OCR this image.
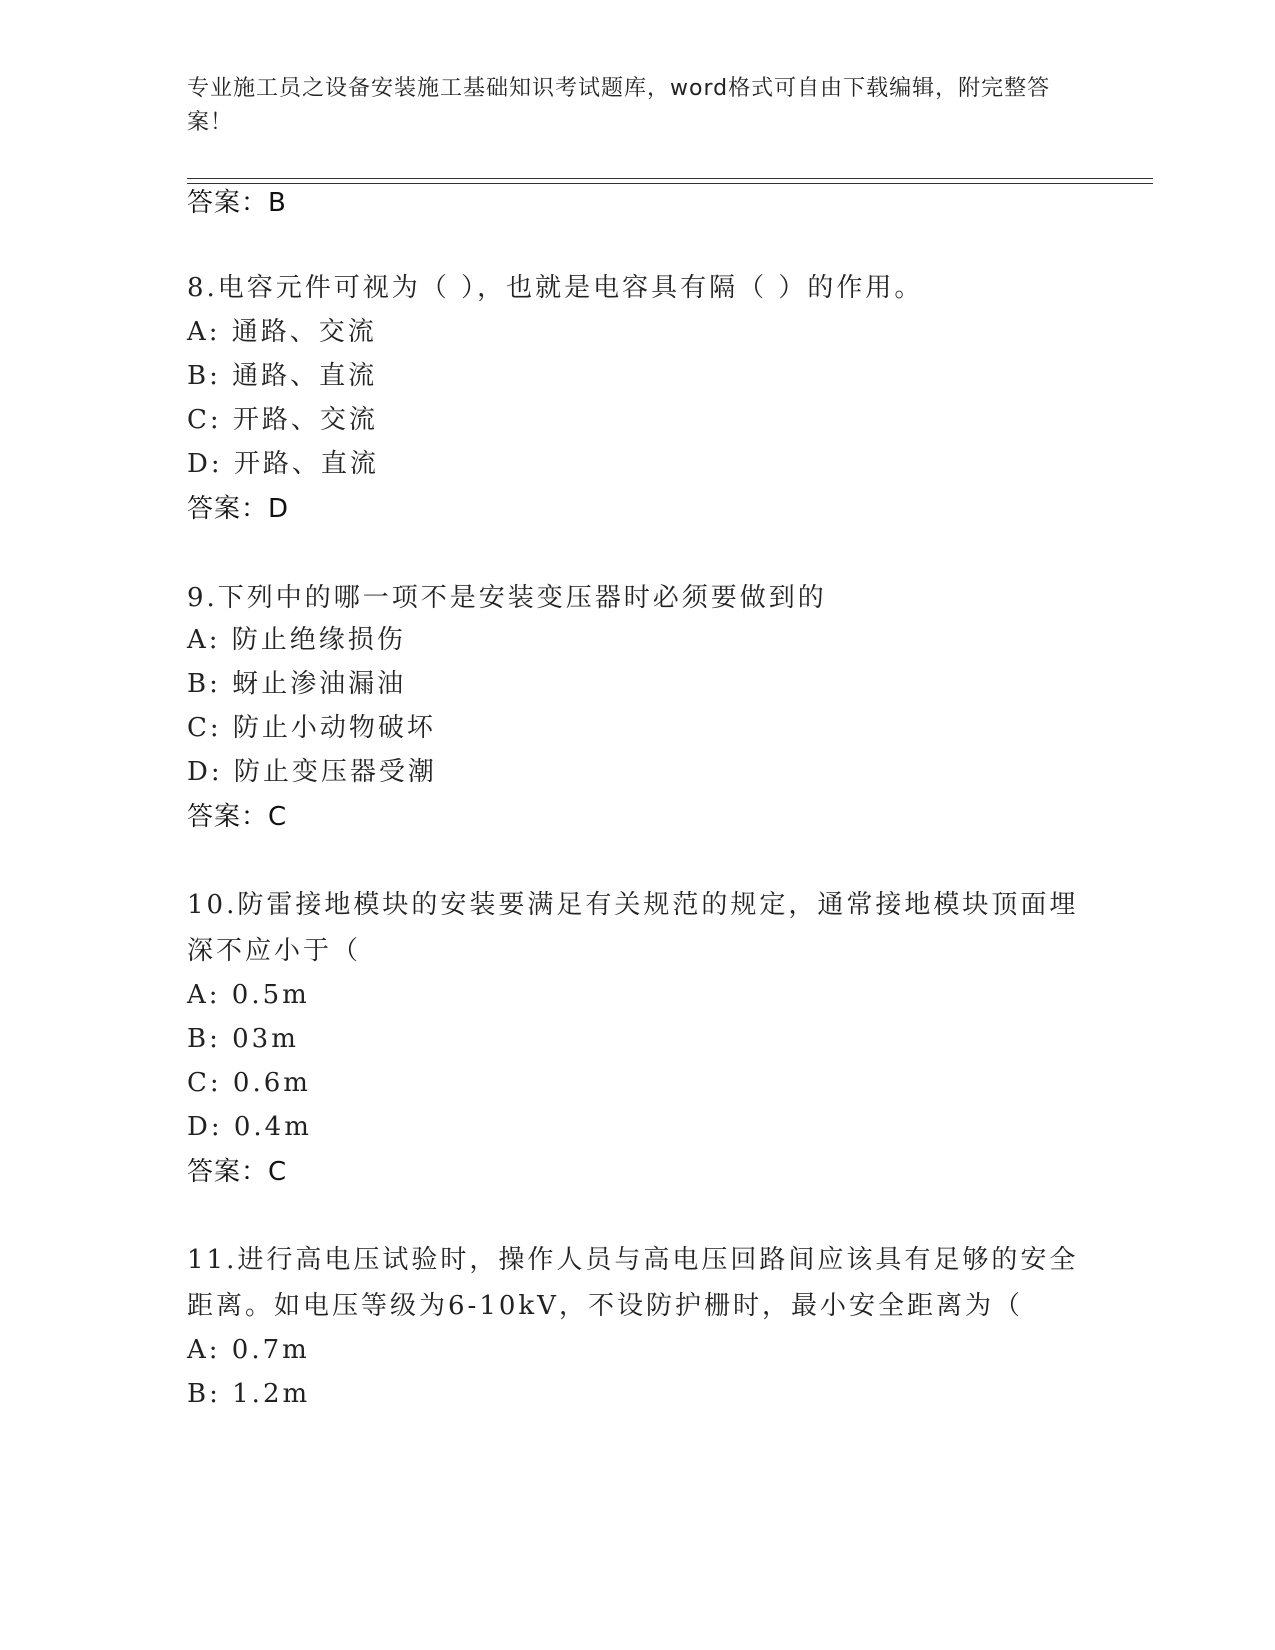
专业施工员之设备安装施工基础知识考试题库，word格式可自由下载编辑，附完整答案！
答案：B
8.电容元件可视为（ ），也就是电容具有隔（ ）的作用。
A: 通路、交流
B: 通路、直流
C: 开路、交流
D: 开路、直流
答案：D
9.下列中的哪一项不是安装变压器时必须要做到的
A: 防止绝缘损伤
B: 蚜止渗油漏油
C: 防止小动物破坏
D: 防止变压器受潮
答案：C
10.防雷接地模块的安装要满足有关规范的规定，通常接地模块顶面埋深不应小于（
A: 0.5m
B: 03m
C: 0.6m
D: 0.4m
答案：C
11.进行高电压试验时，操作人员与高电压回路间应该具有足够的安全距离。如电压等级为6-10kV，不设防护栅时，最小安全距离为（
A: 0.7m
B: 1.2m
